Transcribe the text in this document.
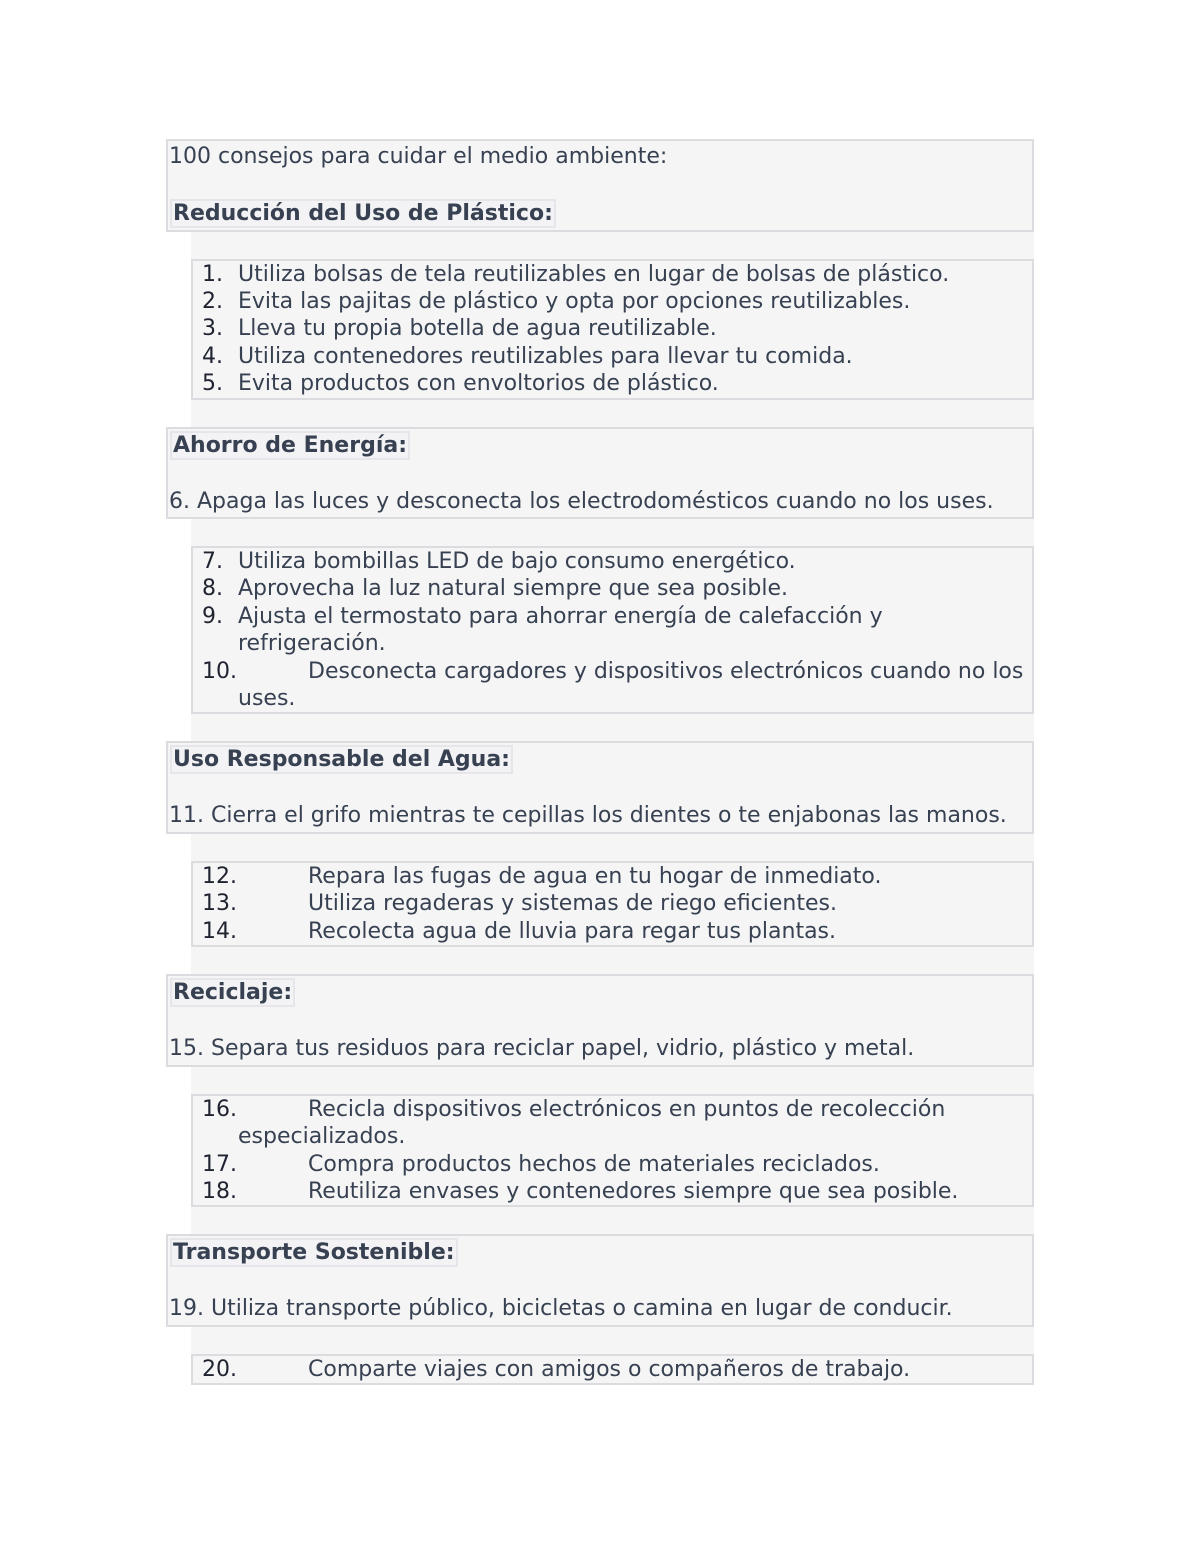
100 consejos para cuidar el medio ambiente:
Reducción del Uso de Plástico:
1. Utiliza bolsas de tela reutilizables en lugar de bolsas de plástico.
2. Evita las pajitas de plástico y opta por opciones reutilizables.
3. Lleva tu propia botella de agua reutilizable.
4. Utiliza contenedores reutilizables para llevar tu comida.
5. Evita productos con envoltorios de plástico.
Ahorro de Energía:
6. Apaga las luces y desconecta los electrodomésticos cuando no los uses.
7. Utiliza bombillas LED de bajo consumo energético.
8. Aprovecha la luz natural siempre que sea posible.
9. Ajusta el termostato para ahorrar energía de calefacción y refrigeración.
10.	Desconecta cargadores y dispositivos electrónicos cuando no los uses.
Uso Responsable del Agua:
11. Cierra el grifo mientras te cepillas los dientes o te enjabonas las manos.
12.	Repara las fugas de agua en tu hogar de inmediato.
13.	Utiliza regaderas y sistemas de riego eficientes.
14.	Recolecta agua de lluvia para regar tus plantas.
Reciclaje:
15. Separa tus residuos para reciclar papel, vidrio, plástico y metal.
16.	Recicla dispositivos electrónicos en puntos de recolección especializados.
17.	Compra productos hechos de materiales reciclados.
18.	Reutiliza envases y contenedores siempre que sea posible.
Transporte Sostenible:
19. Utiliza transporte público, bicicletas o camina en lugar de conducir.
20.	Comparte viajes con amigos o compañeros de trabajo.
